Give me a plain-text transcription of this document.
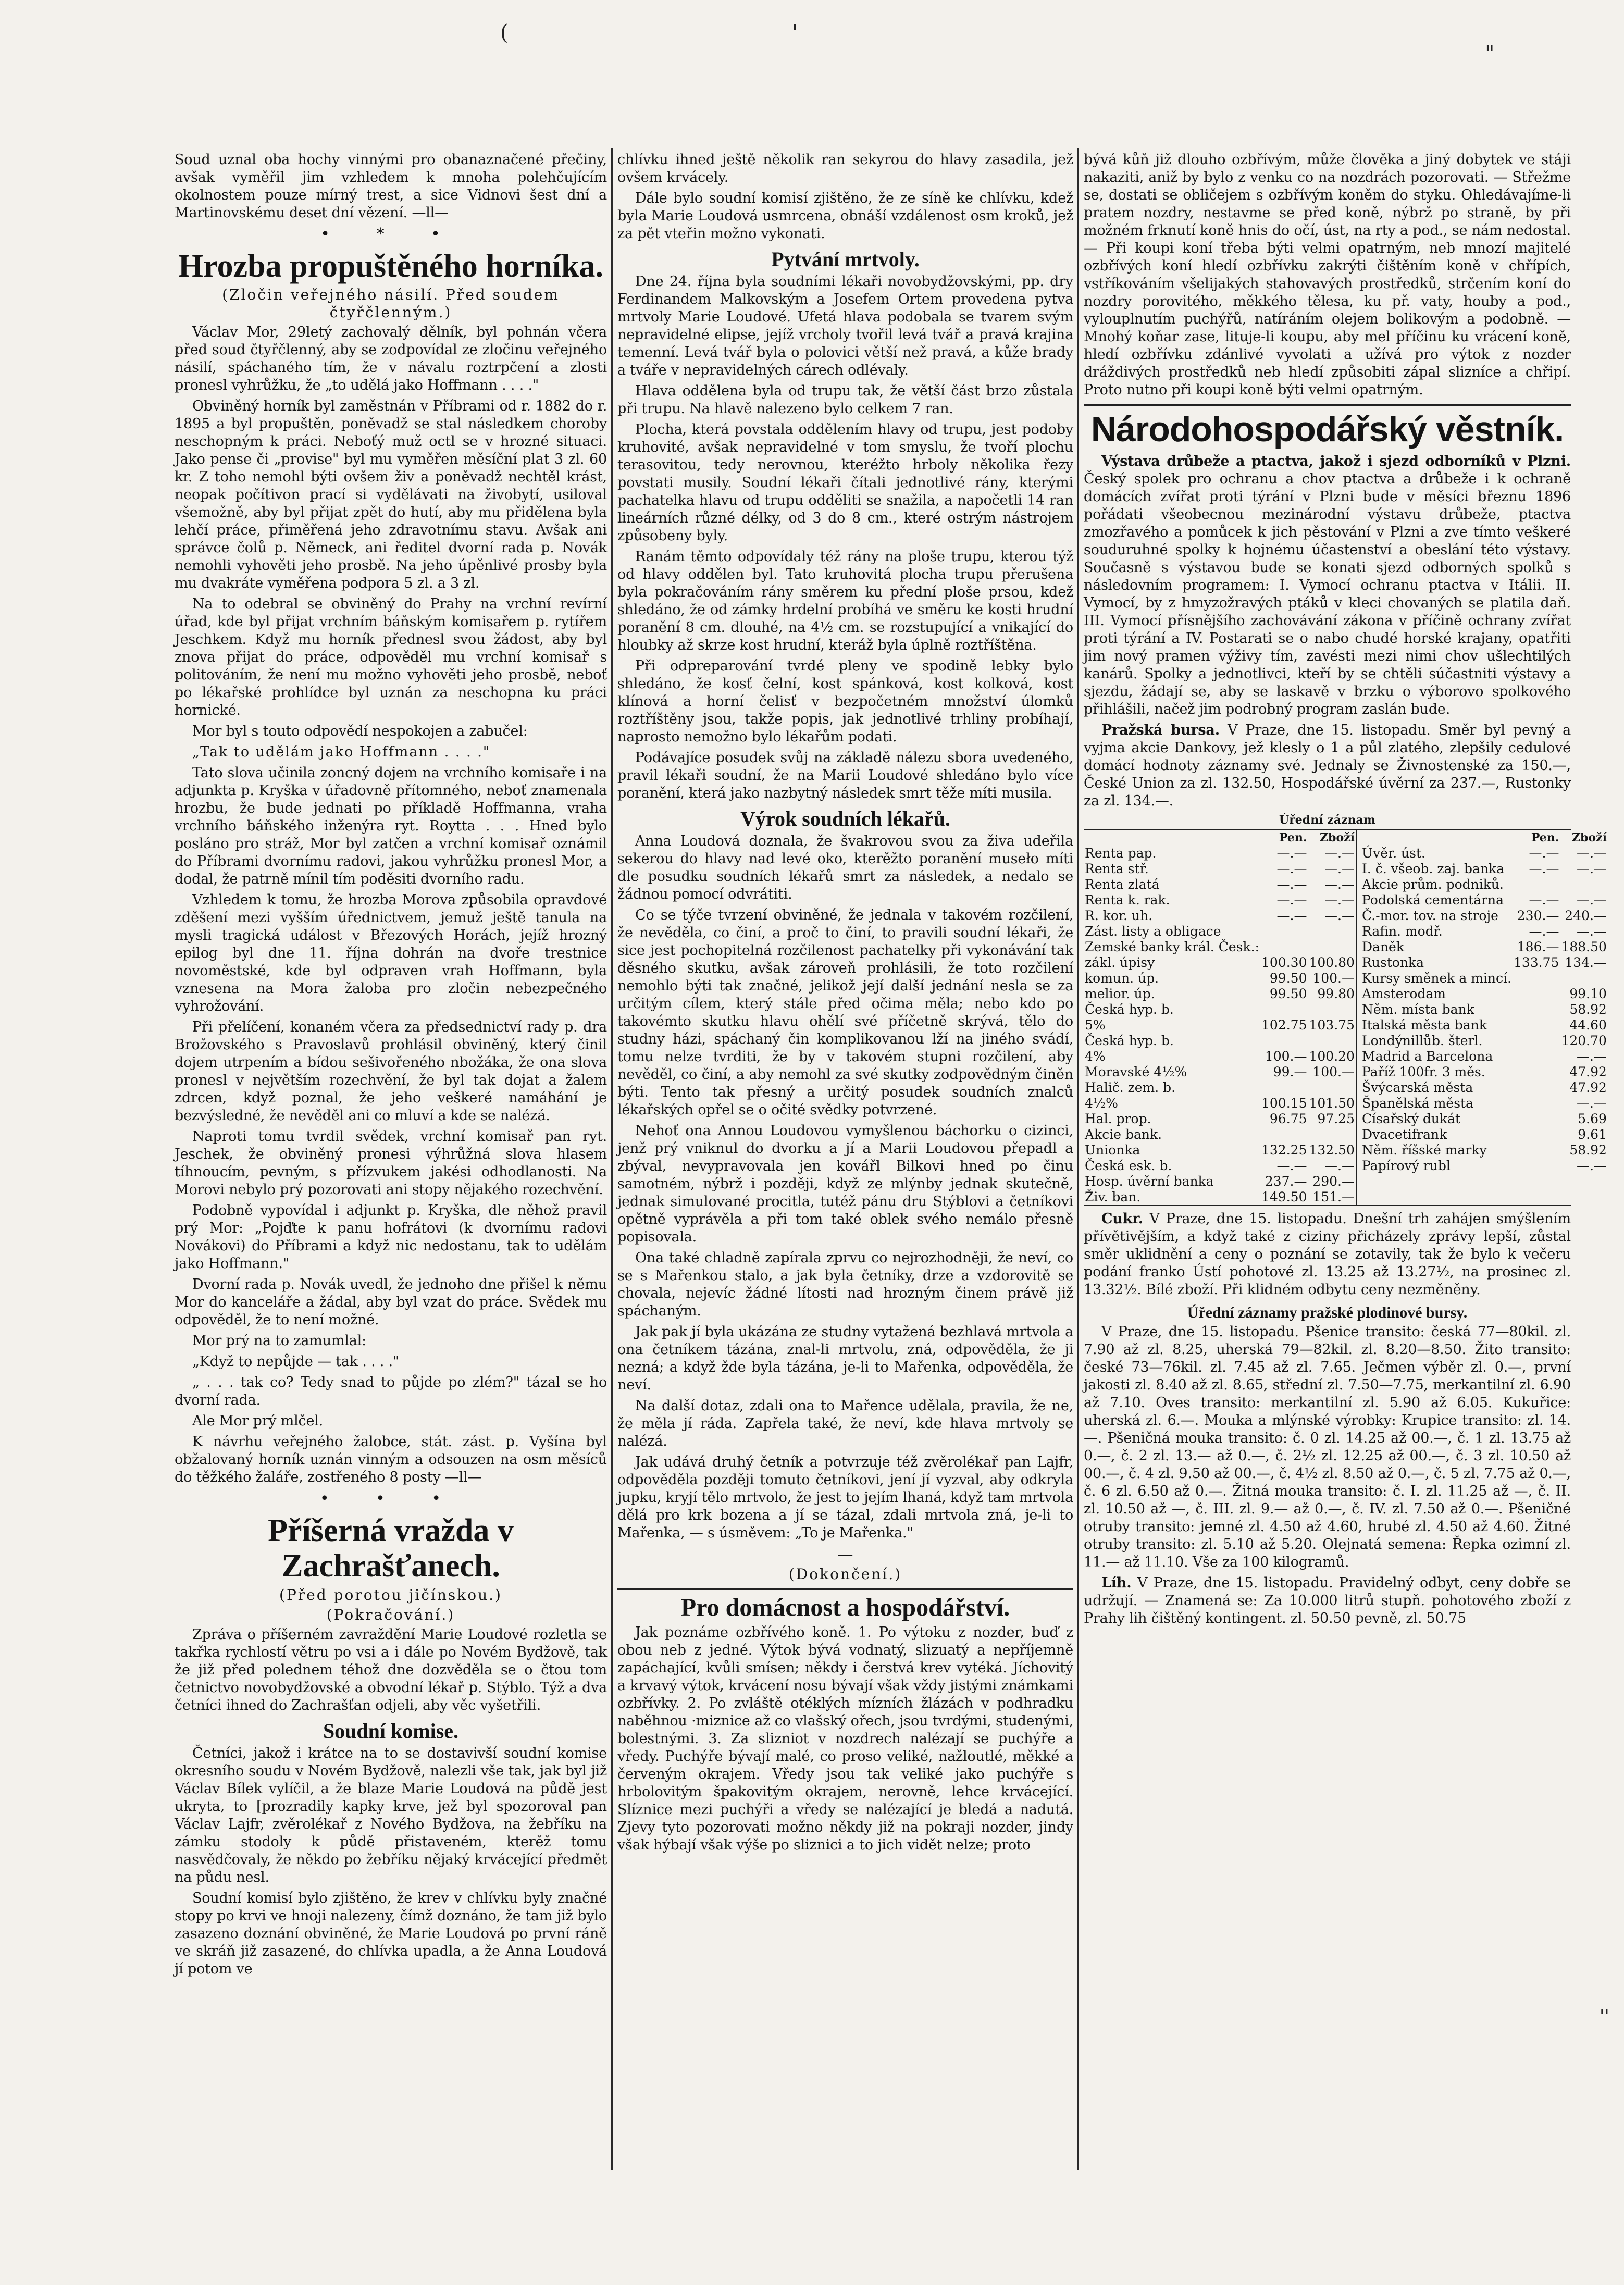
(	'
"
''

Soud uznal oba hochy vinnými pro obanaznačené přečiny, avšak vyměřil jim vzhledem k mnoha polehčujícím okolnostem pouze mírný trest, a sice Vidnovi šest dní a Martinovskému deset dní vězení. —ll—

• * •
Hrozba propuštěného horníka.
(Zločin veřejného násilí. Před soudem čtyřčlenným.)

Václav Mor, 29letý zachovalý dělník, byl pohnán včera před soud čtyřčlenný, aby se zodpovídal ze zločinu veřejného násilí, spáchaného tím, že v návalu roztrpčení a zlosti pronesl vyhrůžku, že „to udělá jako Hoffmann . . . ."

Obviněný horník byl zaměstnán v Příbrami od r. 1882 do r. 1895 a byl propuštěn, poněvadž se stal následkem choroby neschopným k práci. Neboťý muž octl se v hrozné situaci. Jako pense či „provise" byl mu vyměřen měsíční plat 3 zl. 60 kr. Z toho nemohl býti ovšem živ a poněvadž nechtěl krást, neopak počítivon prací si vydělávati na živobytí, usiloval všemožně, aby byl přijat zpět do hutí, aby mu přidělena byla lehčí práce, přiměřená jeho zdravotnímu stavu. Avšak ani správce čolů p. Německ, ani ředitel dvorní rada p. Novák nemohli vyhověti jeho prosbě. Na jeho úpěnlivé prosby byla mu dvakráte vyměřena podpora 5 zl. a 3 zl.

Na to odebral se obviněný do Prahy na vrchní revírní úřad, kde byl přijat vrchním báňským komisařem p. rytířem Jeschkem. Když mu horník přednesl svou žádost, aby byl znova přijat do práce, odpověděl mu vrchní komisař s politováním, že není mu možno vyhověti jeho prosbě, neboť po lékařské prohlídce byl uznán za neschopna ku práci hornické.

Mor byl s touto odpovědí nespokojen a zabučel:

„Tak to udělám jako Hoffmann . . . ."

Tato slova učinila zoncný dojem na vrchního komisaře i na adjunkta p. Kryška v úřadovně přítomného, neboť znamenala hrozbu, že bude jednati po příkladě Hoffmanna, vraha vrchního báňského inženýra ryt. Roytta . . . Hned bylo posláno pro stráž, Mor byl zatčen a vrchní komisař oznámil do Příbrami dvornímu radovi, jakou vyhrůžku pronesl Mor, a dodal, že patrně mínil tím poděsiti dvorního radu.

Vzhledem k tomu, že hrozba Morova způsobila opravdové zděšení mezi vyšším úřednictvem, jemuž ještě tanula na mysli tragická událost v Březových Horách, jejíž hrozný epilog byl dne 11. října dohrán na dvoře trestnice novoměstské, kde byl odpraven vrah Hoffmann, byla vznesena na Mora žaloba pro zločin nebezpečného vyhrožování.

Při přelíčení, konaném včera za předsednictví rady p. dra Brožovského s Pravoslavů prohlásil obviněný, který činil dojem utrpením a bídou sešivořeného nbožáka, že ona slova pronesl v největším rozechvění, že byl tak dojat a žalem zdrcen, když poznal, že jeho veškeré namáhání je bezvýsledné, že nevěděl ani co mluví a kde se nalézá.

Naproti tomu tvrdil svědek, vrchní komisař pan ryt. Jeschek, že obviněný pronesi výhrůžná slova hlasem tíhnoucím, pevným, s přízvukem jakési odhodlanosti. Na Morovi nebylo prý pozorovati ani stopy nějakého rozechvění.

Podobně vypovídal i adjunkt p. Kryška, dle něhož pravil prý Mor: „Pojďte k panu hofrátovi (k dvornímu radovi Novákovi) do Příbrami a když nic nedostanu, tak to udělám jako Hoffmann."

Dvorní rada p. Novák uvedl, že jednoho dne přišel k němu Mor do kanceláře a žádal, aby byl vzat do práce. Svědek mu odpověděl, že to není možné.

Mor prý na to zamumlal:

„Když to nepůjde — tak . . . ."

„ . . . tak co? Tedy snad to půjde po zlém?" tázal se ho dvorní rada.

Ale Mor prý mlčel.

K návrhu veřejného žalobce, stát. zást. p. Vyšína byl obžalovaný horník uznán vinným a odsouzen na osm měsíců do těžkého žaláře, zostřeného 8 posty —ll—

• • •
Příšerná vražda v Zachrašťanech.
(Před porotou jičínskou.)
(Pokračování.)

Zpráva o příšerném zavraždění Marie Loudové rozletla se takřka rychlostí větru po vsi a i dále po Novém Bydžově, tak že již před polednem téhož dne dozvěděla se o čtou tom četnictvo novobydžovské a obvodní lékař p. Stýblo. Týž a dva četníci ihned do Zachrašťan odjeli, aby věc vyšetřili.

Soudní komise.

Četníci, jakož i krátce na to se dostavivší soudní komise okresního soudu v Novém Bydžově, nalezli vše tak, jak byl již Václav Bílek vylíčil, a že blaze Marie Loudová na půdě jest ukryta, to [prozradily kapky krve, jež byl spozoroval pan Václav Lajfr, zvěrolékař z Nového Bydžova, na žebříku na zámku stodoly k půdě přistaveném, kterěž tomu nasvědčovaly, že někdo po žebříku nějaký krvácející předmět na půdu nesl.

Soudní komisí bylo zjištěno, že krev v chlívku byly značné stopy po krvi ve hnoji nalezeny, čímž doznáno, že tam již bylo zasazeno doznání obviněné, že Marie Loudová po první ráně ve skráň již zasazené, do chlívka upadla, a že Anna Loudová jí potom ve

chlívku ihned ještě několik ran sekyrou do hlavy zasadila, jež ovšem krvácely.

Dále bylo soudní komisí zjištěno, že ze síně ke chlívku, kdež byla Marie Loudová usmrcena, obnáší vzdálenost osm kroků, jež za pět vteřin možno vykonati.

Pytvání mrtvoly.

Dne 24. října byla soudními lékaři novobydžovskými, pp. dry Ferdinandem Malkovským a Josefem Ortem provedena pytva mrtvoly Marie Loudové. Ufetá hlava podobala se tvarem svým nepravidelné elipse, jejíž vrcholy tvořil levá tvář a pravá krajina temenní. Levá tvář byla o polovici větší než pravá, a kůže brady a tváře v nepravidelných cárech odlévaly.

Hlava oddělena byla od trupu tak, že větší část brzo zůstala při trupu. Na hlavě nalezeno bylo celkem 7 ran.

Plocha, která povstala oddělením hlavy od trupu, jest podoby kruhovité, avšak nepravidelné v tom smyslu, že tvoří plochu terasovitou, tedy nerovnou, kteréžto hrboly několika řezy povstati musily. Soudní lékaři čítali jednotlivé rány, kterými pachatelka hlavu od trupu odděliti se snažila, a napočetli 14 ran lineárních různé délky, od 3 do 8 cm., které ostrým nástrojem způsobeny byly.

Ranám těmto odpovídaly též rány na ploše trupu, kterou týž od hlavy oddělen byl. Tato kruhovitá plocha trupu přerušena byla pokračováním rány směrem ku přední ploše prsou, kdež shledáno, že od zámky hrdelní probíhá ve směru ke kosti hrudní poranění 8 cm. dlouhé, na 4½ cm. se rozstupující a vnikající do hloubky až skrze kost hrudní, kteráž byla úplně roztříštěna.

Při odpreparování tvrdé pleny ve spodině lebky bylo shledáno, že kosť čelní, kost spánková, kost kolková, kost klínová a horní čelisť v bezpočetném množství úlomků roztříštěny jsou, takže popis, jak jednotlivé trhliny probíhají, naprosto nemožno bylo lékařům podati.

Podávajíce posudek svůj na základě nálezu sbora uvedeného, pravil lékaři soudní, že na Marii Loudové shledáno bylo více poranění, která jako nazbytný následek smrt těže míti musila.

Výrok soudních lékařů.

Anna Loudová doznala, že švakrovou svou za živa udeřila sekerou do hlavy nad levé oko, kterěžto poranění museło míti dle posudku soudních lékařů smrt za následek, a nedalo se žádnou pomocí odvrátiti.

Co se týče tvrzení obviněné, že jednala v takovém rozčilení, že nevěděla, co činí, a proč to činí, to pravili soudní lékaři, že sice jest pochopitelná rozčilenost pachatelky při vykonávání tak děsného skutku, avšak zároveň prohlásili, že toto rozčilení nemohlo býti tak značné, jelikož její další jednání nesla se za určitým cílem, který stále před očima měla; nebo kdo po takovémto skutku hlavu ohělí své příčetně skrývá, tělo do studny házi, spáchaný čin komplikovanou lží na jiného svádí, tomu nelze tvrditi, že by v takovém stupni rozčilení, aby nevěděl, co činí, a aby nemohl za své skutky zodpovědným činěn býti. Tento tak přesný a určitý posudek soudních znalců lékařských opřel se o očité svědky potvrzené.

Nehoť ona Annou Loudovou vymyšlenou báchorku o cizinci, jenž prý vniknul do dvorku a jí a Marii Loudovou přepadl a zbýval, nevypravovala jen kovářl Bilkovi hned po činu samotném, nýbrž i později, když ze mlýnby jednak skutečně, jednak simulované procitla, tutéž pánu dru Stýblovi a četníkovi opětně vyprávěla a při tom také oblek svého nemálo přesně popisovala.

Ona také chladně zapírala zprvu co nejrozhodněji, že neví, co se s Mařenkou stalo, a jak byla četníky, drze a vzdorovitě se chovala, nejevíc žádné lítosti nad hrozným činem právě již spáchaným.

Jak pak jí byla ukázána ze studny vytažená bezhlavá mrtvola a ona četníkem tázána, znal-li mrtvolu, zná, odpověděla, že ji nezná; a když žde byla tázána, je-li to Mařenka, odpověděla, že neví.

Na další dotaz, zdali ona to Mařence udělala, pravila, že ne, že měla jí ráda. Zapřela také, že neví, kde hlava mrtvoly se nalézá.

Jak udává druhý četník a potvrzuje též zvěrolékař pan Lajfr, odpověděla později tomuto četníkovi, jení jí vyzval, aby odkryla jupku, kryjí tělo mrtvolo, že jest to jejím lhaná, když tam mrtvola dělá pro krk bozena a jí se tázal, zdali mrtvola zná, je-li to Mařenka, — s úsměvem: „To je Mařenka."

—
(Dokončení.)
Pro domácnost a hospodářství.

Jak poznáme ozbřívého koně. 1. Po výtoku z nozder, buď z obou neb z jedné. Výtok bývá vodnatý, slizuatý a nepříjemně zapáchající, kvůli smísen; někdy i čerstvá krev vytéká. Jíchovitý a krvavý výtok, krvácení nosu bývají však vždy jistými známkami ozbřívky. 2. Po zvláště otéklých mízních žlázách v podhradku naběhnou ·miznice až co vlašský ořech, jsou tvrdými, studenými, bolestnými. 3. Za slizniot v nozdrech nalézají se puchýře a vředy. Puchýře bývají malé, co proso veliké, nažloutlé, měkké a červeným okrajem. Vředy jsou tak veliké jako puchýře s hrbolovitým špakovitým okrajem, nerovně, lehce krvácející. Slíznice mezi puchýři a vředy se nalézající je bledá a nadutá. Zjevy tyto pozorovati možno někdy již na pokraji nozder, jindy však hýbají však výše po sliznici a to jich vidět nelze; proto

bývá kůň již dlouho ozbřívým, může člověka a jiný dobytek ve stáji nakaziti, aniž by bylo z venku co na nozdrách pozorovati. — Střežme se, dostati se obličejem s ozbřívým koněm do styku. Ohledávajíme-li pratem nozdry, nestavme se před koně, nýbrž po straně, by při možném frknutí koně hnis do očí, úst, na rty a pod., se nám nedostal. — Při koupi koní třeba býti velmi opatrným, neb mnozí majitelé ozbřívých koní hledí ozbřívku zakrýti čištěním koně v chřípích, vstříkováním všelijakých stahovavých prostředků, strčením koní do nozdry porovitého, měkkého tělesa, ku př. vaty, houby a pod., vylouplnutím puchýřů, natíráním olejem bolikovým a podobně. — Mnohý koňar zase, lituje-li koupu, aby mel příčinu ku vrácení koně, hledí ozbřívku zdánlivé vyvolati a užívá pro výtok z nozder dráždivých prostředků neb hledí způsobiti zápal slizníce a chřipí. Proto nutno při koupi koně býti velmi opatrným.

Národohospodářský věstník.

Výstava drůbeže a ptactva, jakož i sjezd odborníků v Plzni. Český spolek pro ochranu a chov ptactva a drůbeže i k ochraně domácích zvířat proti týrání v Plzni bude v měsíci březnu 1896 pořádati všeobecnou mezinárodní výstavu drůbeže, ptactva zmozřavého a pomůcek k jich pěstování v Plzni a zve tímto veškeré souduruhné spolky k hojnému účastenství a obeslání této výstavy. Současně s výstavou bude se konati sjezd odborných spolků s následovním programem: I. Vymocí ochranu ptactva v Itálii. II. Vymocí, by z hmyzožravých ptáků v kleci chovaných se platila daň. III. Vymocí přísnějšího zachovávání zákona v příčině ochrany zvířat proti týrání a IV. Postarati se o nabo chudé horské krajany, opatřiti jim nový pramen výživy tím, zavésti mezi nimi chov ušlechtilých kanárů. Spolky a jednotlivci, kteří by se chtěli súčastniti výstavy a sjezdu, žádají se, aby se laskavě v brzku o výborovo spolkového přihlášili, načež jim podrobný program zaslán bude.

Pražská bursa. V Praze, dne 15. listopadu. Směr byl pevný a vyjma akcie Dankovy, jež klesly o 1 a půl zlatého, zlepšily cedulové domácí hodnoty záznamy své. Jednaly se Živnostenské za 150.—, České Union za zl. 132.50, Hospodářské úvěrní za 237.—, Rustonky za zl. 134.—.

Úřední záznam
	Pen.	Zboží
Renta pap.	—.—	—.—
Renta stř.	—.—	—.—
Renta zlatá	—.—	—.—
Renta k. rak.	—.—	—.—
R. kor. uh.	—.—	—.—
Zást. listy a obligace		
Zemské banky král. Česk.:		
zákl. úpisy	100.30	100.80
komun. úp.	99.50	100.—
melior. úp.	99.50	99.80
Česká hyp. b.		
5%	102.75	103.75
Česká hyp. b.		
4%	100.—	100.20
Moravské 4½%	99.—	100.—
Halič. zem. b.		
4½%	100.15	101.50
Hal. prop.	96.75	97.25
Akcie bank.		
Unionka	132.25	132.50
Česká esk. b.	—.—	—.—
Hosp. úvěrní banka	237.—	290.—
Živ. ban.	149.50	151.—
	Pen.	Zboží
Úvěr. úst.	—.—	—.—
I. č. všeob. zaj. banka	—.—	—.—
Akcie prům. podniků.		
Podolská cementárna	—.—	—.—
Č.-mor. tov. na stroje	230.—	240.—
Rafin. modř.	—.—	—.—
Daněk	186.—	188.50
Rustonka	133.75	134.—
Kursy směnek a mincí.		
Amsterodam		99.10
Něm. místa bank		58.92
Italská města bank		44.60
Londýnillůb. šterl.		120.70
Madrid a Barcelona		—.—
Paříž 100fr. 3 měs.		47.92
Švýcarská města		47.92
Španělská města		—.—
Císařský dukát		5.69
Dvacetifrank		9.61
Něm. říšské marky		58.92
Papírový rubl		—.—

Cukr. V Praze, dne 15. listopadu. Dnešní trh zahájen smýšlením přívětivějším, a když také z ciziny přicházely zprávy lepší, zůstal směr uklidnění a ceny o poznání se zotavily, tak že bylo k večeru podání franko Ústí pohotové zl. 13.25 až 13.27½, na prosinec zl. 13.32½. Bílé zboží. Při klidném odbytu ceny nezměněny.

Úřední záznamy pražské plodinové bursy.

V Praze, dne 15. listopadu. Pšenice transito: česká 77—80kil. zl. 7.90 až zl. 8.25, uherská 79—82kil. zl. 8.20—8.50. Žito transito: české 73—76kil. zl. 7.45 až zl. 7.65. Ječmen výběr zl. 0.—, první jakosti zl. 8.40 až zl. 8.65, střední zl. 7.50—7.75, merkantilní zl. 6.90 až 7.10. Oves transito: merkantilní zl. 5.90 až 6.05. Kukuřice: uherská zl. 6.—. Mouka a mlýnské výrobky: Krupice transito: zl. 14.—. Pšeničná mouka transito: č. 0 zl. 14.25 až 00.—, č. 1 zl. 13.75 až 0.—, č. 2 zl. 13.— až 0.—, č. 2½ zl. 12.25 až 00.—, č. 3 zl. 10.50 až 00.—, č. 4 zl. 9.50 až 00.—, č. 4½ zl. 8.50 až 0.—, č. 5 zl. 7.75 až 0.—, č. 6 zl. 6.50 až 0.—. Žitná mouka transito: č. I. zl. 11.25 až —, č. II. zl. 10.50 až —, č. III. zl. 9.— až 0.—, č. IV. zl. 7.50 až 0.—. Pšeničné otruby transito: jemné zl. 4.50 až 4.60, hrubé zl. 4.50 až 4.60. Žitné otruby transito: zl. 5.10 až 5.20. Olejnatá semena: Řepka ozimní zl. 11.— až 11.10. Vše za 100 kilogramů.

Líh. V Praze, dne 15. listopadu. Pravidelný odbyt, ceny dobře se udržují. — Znamená se: Za 10.000 litrů stupň. pohotového zboží z Prahy lih čištěný kontingent. zl. 50.50 pevně, zl. 50.75
